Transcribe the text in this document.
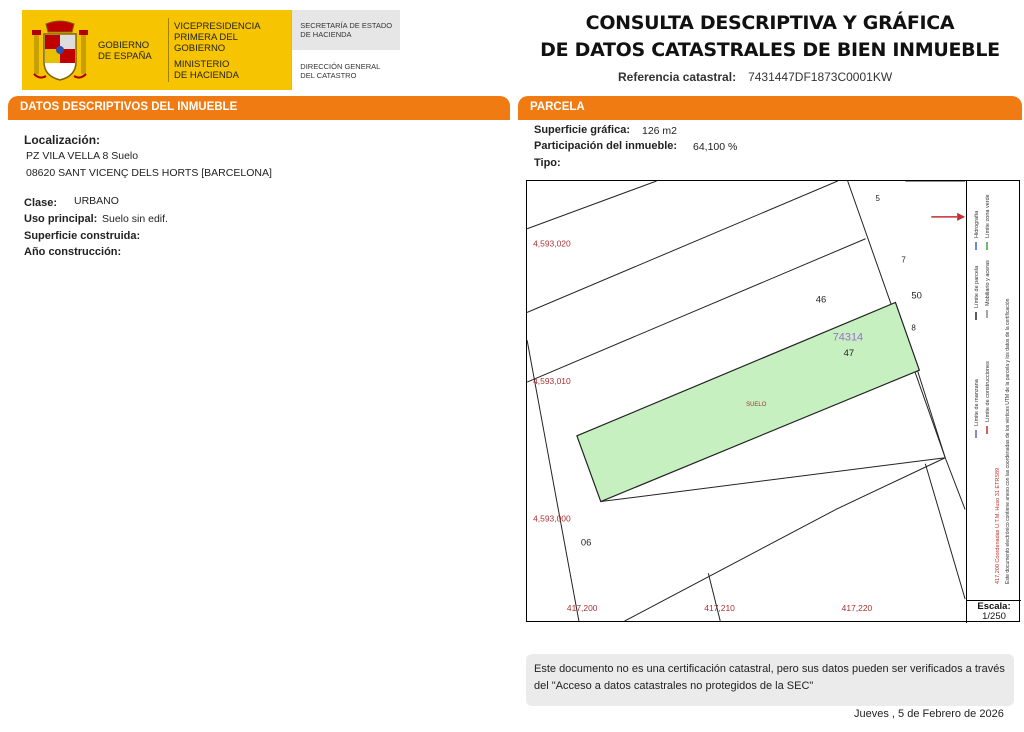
GOBIERNO
DE ESPAÑA
VICEPRESIDENCIA
PRIMERA DEL GOBIERNO
MINISTERIO
DE HACIENDA
SECRETARÍA DE ESTADO
DE HACIENDA
DIRECCIÓN GENERAL
DEL CATASTRO
CONSULTA DESCRIPTIVA Y GRÁFICA
DE DATOS CATASTRALES DE BIEN INMUEBLE
Referencia catastral: 7431447DF1873C0001KW
DATOS DESCRIPTIVOS DEL INMUEBLE
Localización:
PZ VILA VELLA 8 Suelo
08620 SANT VICENÇ DELS HORTS [BARCELONA]
Clase: URBANO
Uso principal: Suelo sin edif.
Superficie construida:
Año construcción:
PARCELA
Superficie gráfica: 126 m2
Participación del inmueble: 64,100 %
Tipo:
4,593,020
4,593,010
4,593,000
417,200	417,210	417,220
SUELO
74314
47
46	50
06
8
5
7
Límite de manzana
Límite de parcela
Hidrografía
Límite de construcciones
Mobiliario y aceras
Límite zona verde
Este documento electrónico contiene anexo con las coordenadas de los vértices UTM de la parcela y los datos de la certificación
417,200 Coordenadas U.T.M. Huso 31 ETRS89
Escala:
1/250
Este documento no es una certificación catastral, pero sus datos pueden ser verificados a través del "Acceso a datos catastrales no protegidos de la SEC"
Jueves , 5 de Febrero de 2026
